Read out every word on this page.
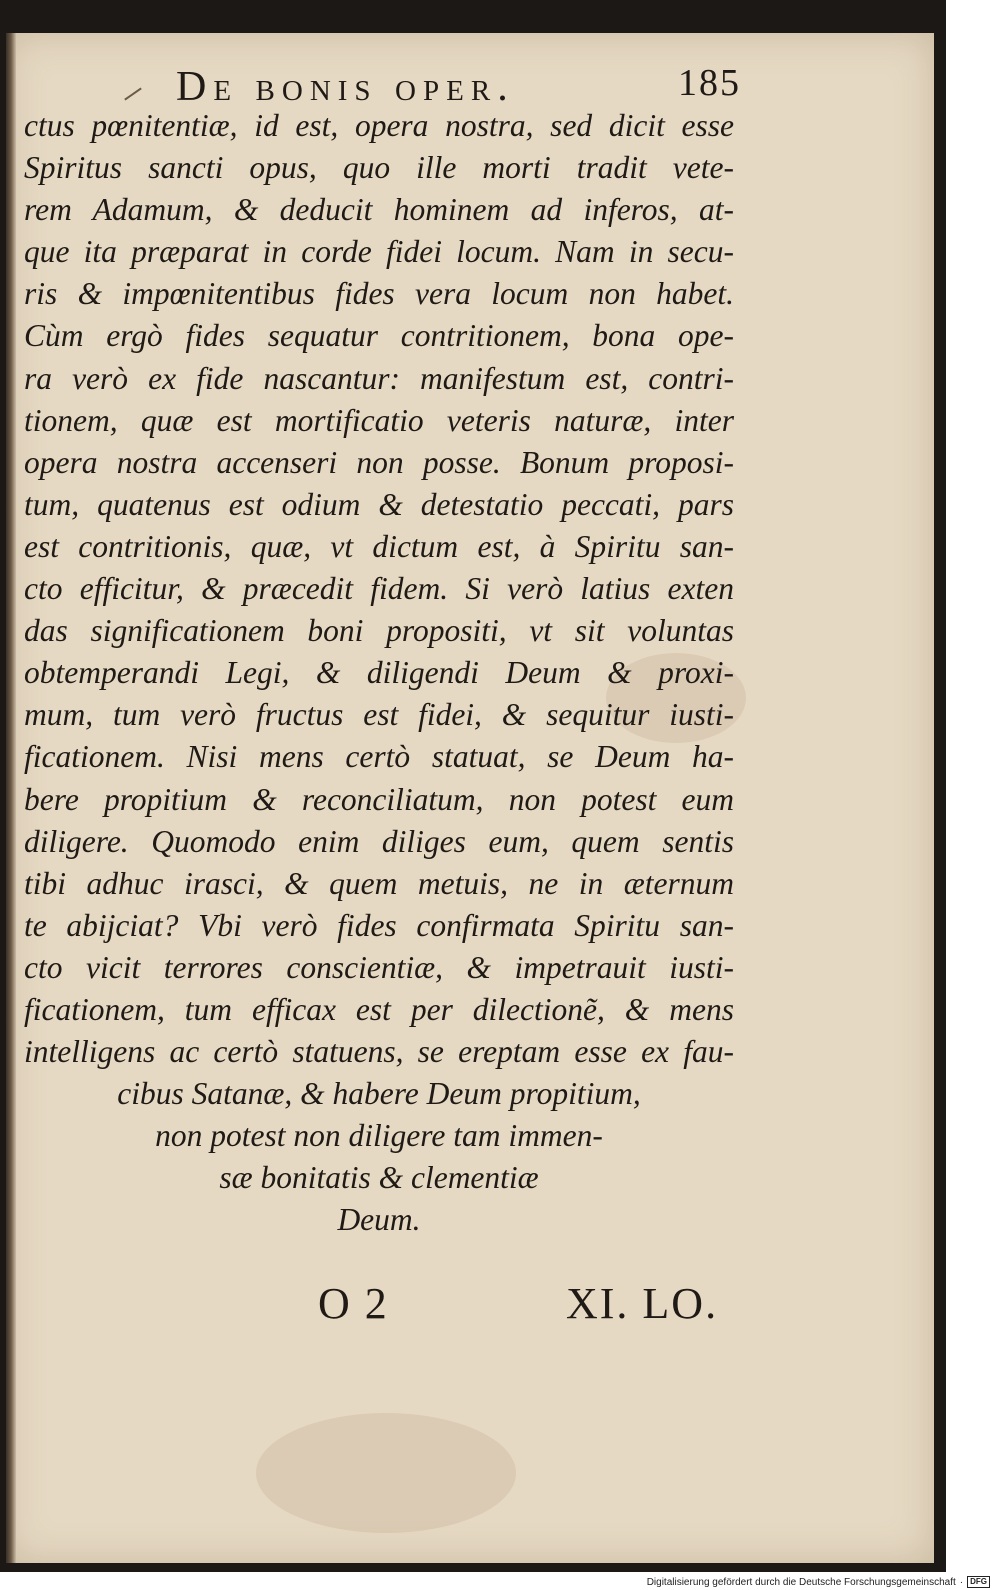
De bonis oper.	185
ctus pœnitentiæ, id est, opera nostra, sed dicit esse
Spiritus sancti opus, quo ille morti tradit vete-
rem Adamum, & deducit hominem ad inferos, at-
que ita præparat in corde fidei locum. Nam in secu-
ris & impœnitentibus fides vera locum non habet.
Cùm ergò fides sequatur contritionem, bona ope-
ra verò ex fide nascantur: manifestum est, contri-
tionem, quæ est mortificatio veteris naturæ, inter
opera nostra accenseri non posse. Bonum proposi-
tum, quatenus est odium & detestatio peccati, pars
est contritionis, quæ, vt dictum est, à Spiritu san-
cto efficitur, & præcedit fidem. Si verò latius exten
das significationem boni propositi, vt sit voluntas
obtemperandi Legi, & diligendi Deum & proxi-
mum, tum verò fructus est fidei, & sequitur iusti-
ficationem. Nisi mens certò statuat, se Deum ha-
bere propitium & reconciliatum, non potest eum
diligere. Quomodo enim diliges eum, quem sentis
tibi adhuc irasci, & quem metuis, ne in æternum
te abijciat? Vbi verò fides confirmata Spiritu san-
cto vicit terrores conscientiæ, & impetrauit iusti-
ficationem, tum efficax est per dilectionẽ, & mens
intelligens ac certò statuens, se ereptam esse ex fau-
cibus Satanæ, & habere Deum propitium,
non potest non diligere tam immen-
sæ bonitatis & clementiæ
Deum.
O 2	XI. LO.
Digitalisierung gefördert durch die Deutsche Forschungsgemeinschaft · DFG
